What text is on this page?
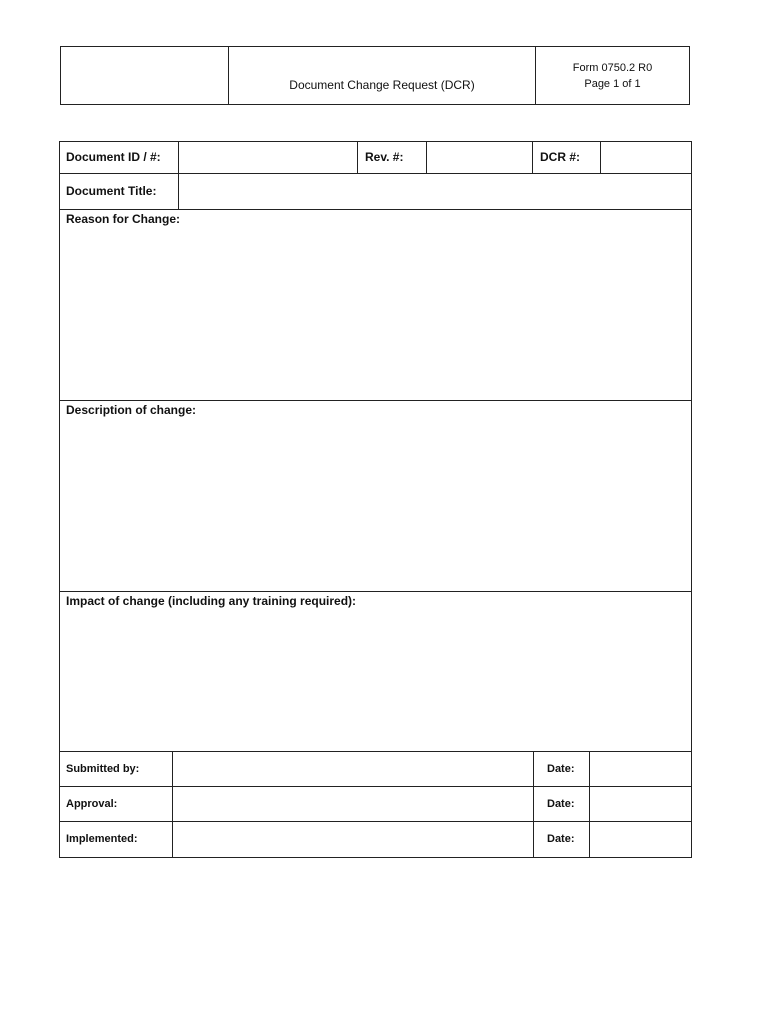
Document Change Request (DCR)
Form 0750.2 R0
Page 1 of 1
Document ID / #:	Rev. #:	DCR #:
Document Title:
Reason for Change:
Description of change:
Impact of change (including any training required):
Submitted by:	Date:
Approval:	Date:
Implemented:	Date:
